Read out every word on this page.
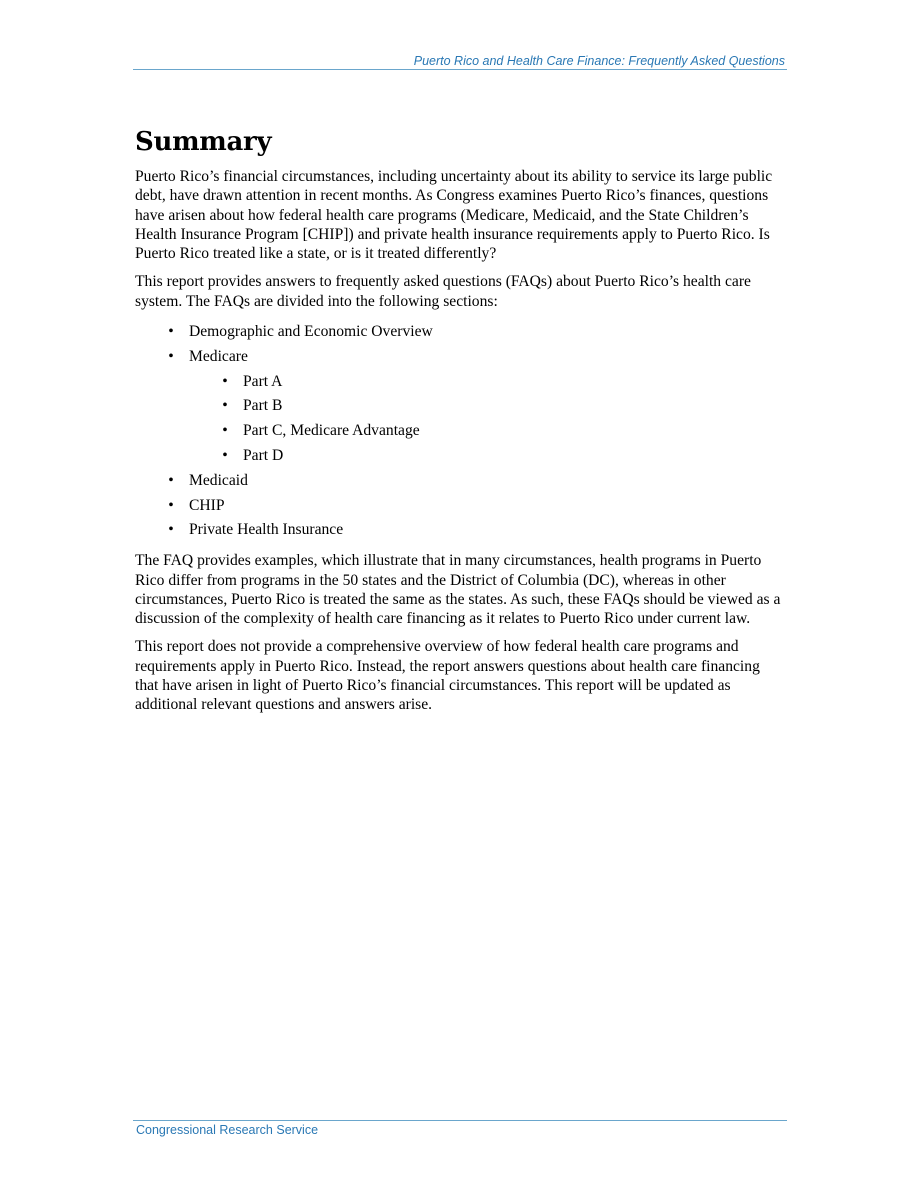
Puerto Rico and Health Care Finance: Frequently Asked Questions
Summary

Puerto Rico’s financial circumstances, including uncertainty about its ability to service its large public debt, have drawn attention in recent months. As Congress examines Puerto Rico’s finances, questions have arisen about how federal health care programs (Medicare, Medicaid, and the State Children’s Health Insurance Program [CHIP]) and private health insurance requirements apply to Puerto Rico. Is Puerto Rico treated like a state, or is it treated differently?

This report provides answers to frequently asked questions (FAQs) about Puerto Rico’s health care system. The FAQs are divided into the following sections:

• Demographic and Economic Overview
• Medicare
• Part A
• Part B
• Part C, Medicare Advantage
• Part D
• Medicaid
• CHIP
• Private Health Insurance

The FAQ provides examples, which illustrate that in many circumstances, health programs in Puerto Rico differ from programs in the 50 states and the District of Columbia (DC), whereas in other circumstances, Puerto Rico is treated the same as the states. As such, these FAQs should be viewed as a discussion of the complexity of health care financing as it relates to Puerto Rico under current law.

This report does not provide a comprehensive overview of how federal health care programs and requirements apply in Puerto Rico. Instead, the report answers questions about health care financing that have arisen in light of Puerto Rico’s financial circumstances. This report will be updated as additional relevant questions and answers arise.

Congressional Research Service
